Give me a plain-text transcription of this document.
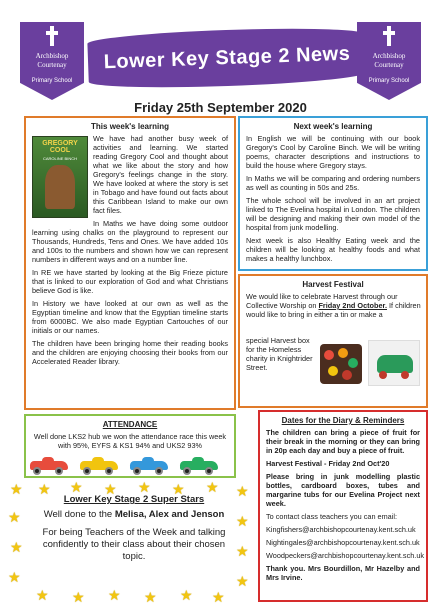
Archbishop Courtenay
Primary School
Lower Key Stage 2 News	Archbishop Courtenay
Primary School
Friday 25th September 2020
This week's learning

GREGORY COOL
CAROLINE BINCH
We have had another busy week of activities and learning. We started reading Gregory Cool and thought about what we like about the story and how Gregory's feelings change in the story. We have looked at where the story is set in Tobago and have found out facts about this Caribbean Island to make our own fact files.

In Maths we have doing some outdoor learning using chalks on the playground to represent our Thousands, Hundreds, Tens and Ones. We have added 10s and 100s to the numbers and shown how we can represent numbers in different ways and on a number line.

In RE we have started by looking at the Big Frieze picture that is linked to our exploration of God and what Christians believe God is like.

In History we have looked at our own as well as the Egyptian timeline and know that the Egyptian timeline starts from 6000BC. We also made Egyptian Cartouches of our initials or our names.

The children have been bringing home their reading books and the children are enjoying choosing their books from our Accelerated Reader library.

Next week's learning

In English we will be continuing with our book Gregory's Cool by Caroline Binch. We will be writing poems, character descriptions and instructions to build the house where Gregory stays.

In Maths we will be comparing and ordering numbers as well as counting in 50s and 25s.

The whole school will be involved in an art project linked to The Evelina hospital in London. The children will be designing and making their own model of the hospital from junk modelling.

Next week is also Healthy Eating week and the children will be looking at healthy foods and what makes a healthy lunchbox.

Harvest Festival
We would like to celebrate Harvest through our Collective Worship on Friday 2nd October. If children would like to bring in either a tin or make a
special Harvest box for the Homeless charity in Knightrider Street.
ATTENDANCE

Well done LKS2 hub we won the attendance race this week with 95%, EYFS & KS1 94% and UKS2 93%

★ ★ ★ ★ ★ ★ ★ ★
★	★
★	★
★	★
★ ★ ★ ★ ★ ★
Lower Key Stage 2 Super Stars
Well done to the Melisa, Alex and Jenson
For being Teachers of the Week and talking confidently to their class about their chosen topic.
Dates for the Diary & Reminders

The children can bring a piece of fruit for their break in the morning or they can bring in 20p each day and buy a piece of fruit.

Harvest Festival - Friday 2nd Oct'20

Please bring in junk modelling plastic bottles, cardboard boxes, tubes and margarine tubs for our Evelina Project next week.

To contact class teachers you can email:

Kingfishers@archbishopcourtenay.kent.sch.uk

Nightingales@archbishopcourtenay.kent.sch.uk

Woodpeckers@archbishopcourtenay.kent.sch.uk

Thank you. Mrs Bourdillon, Mr Hazelby and Mrs Irvine.
